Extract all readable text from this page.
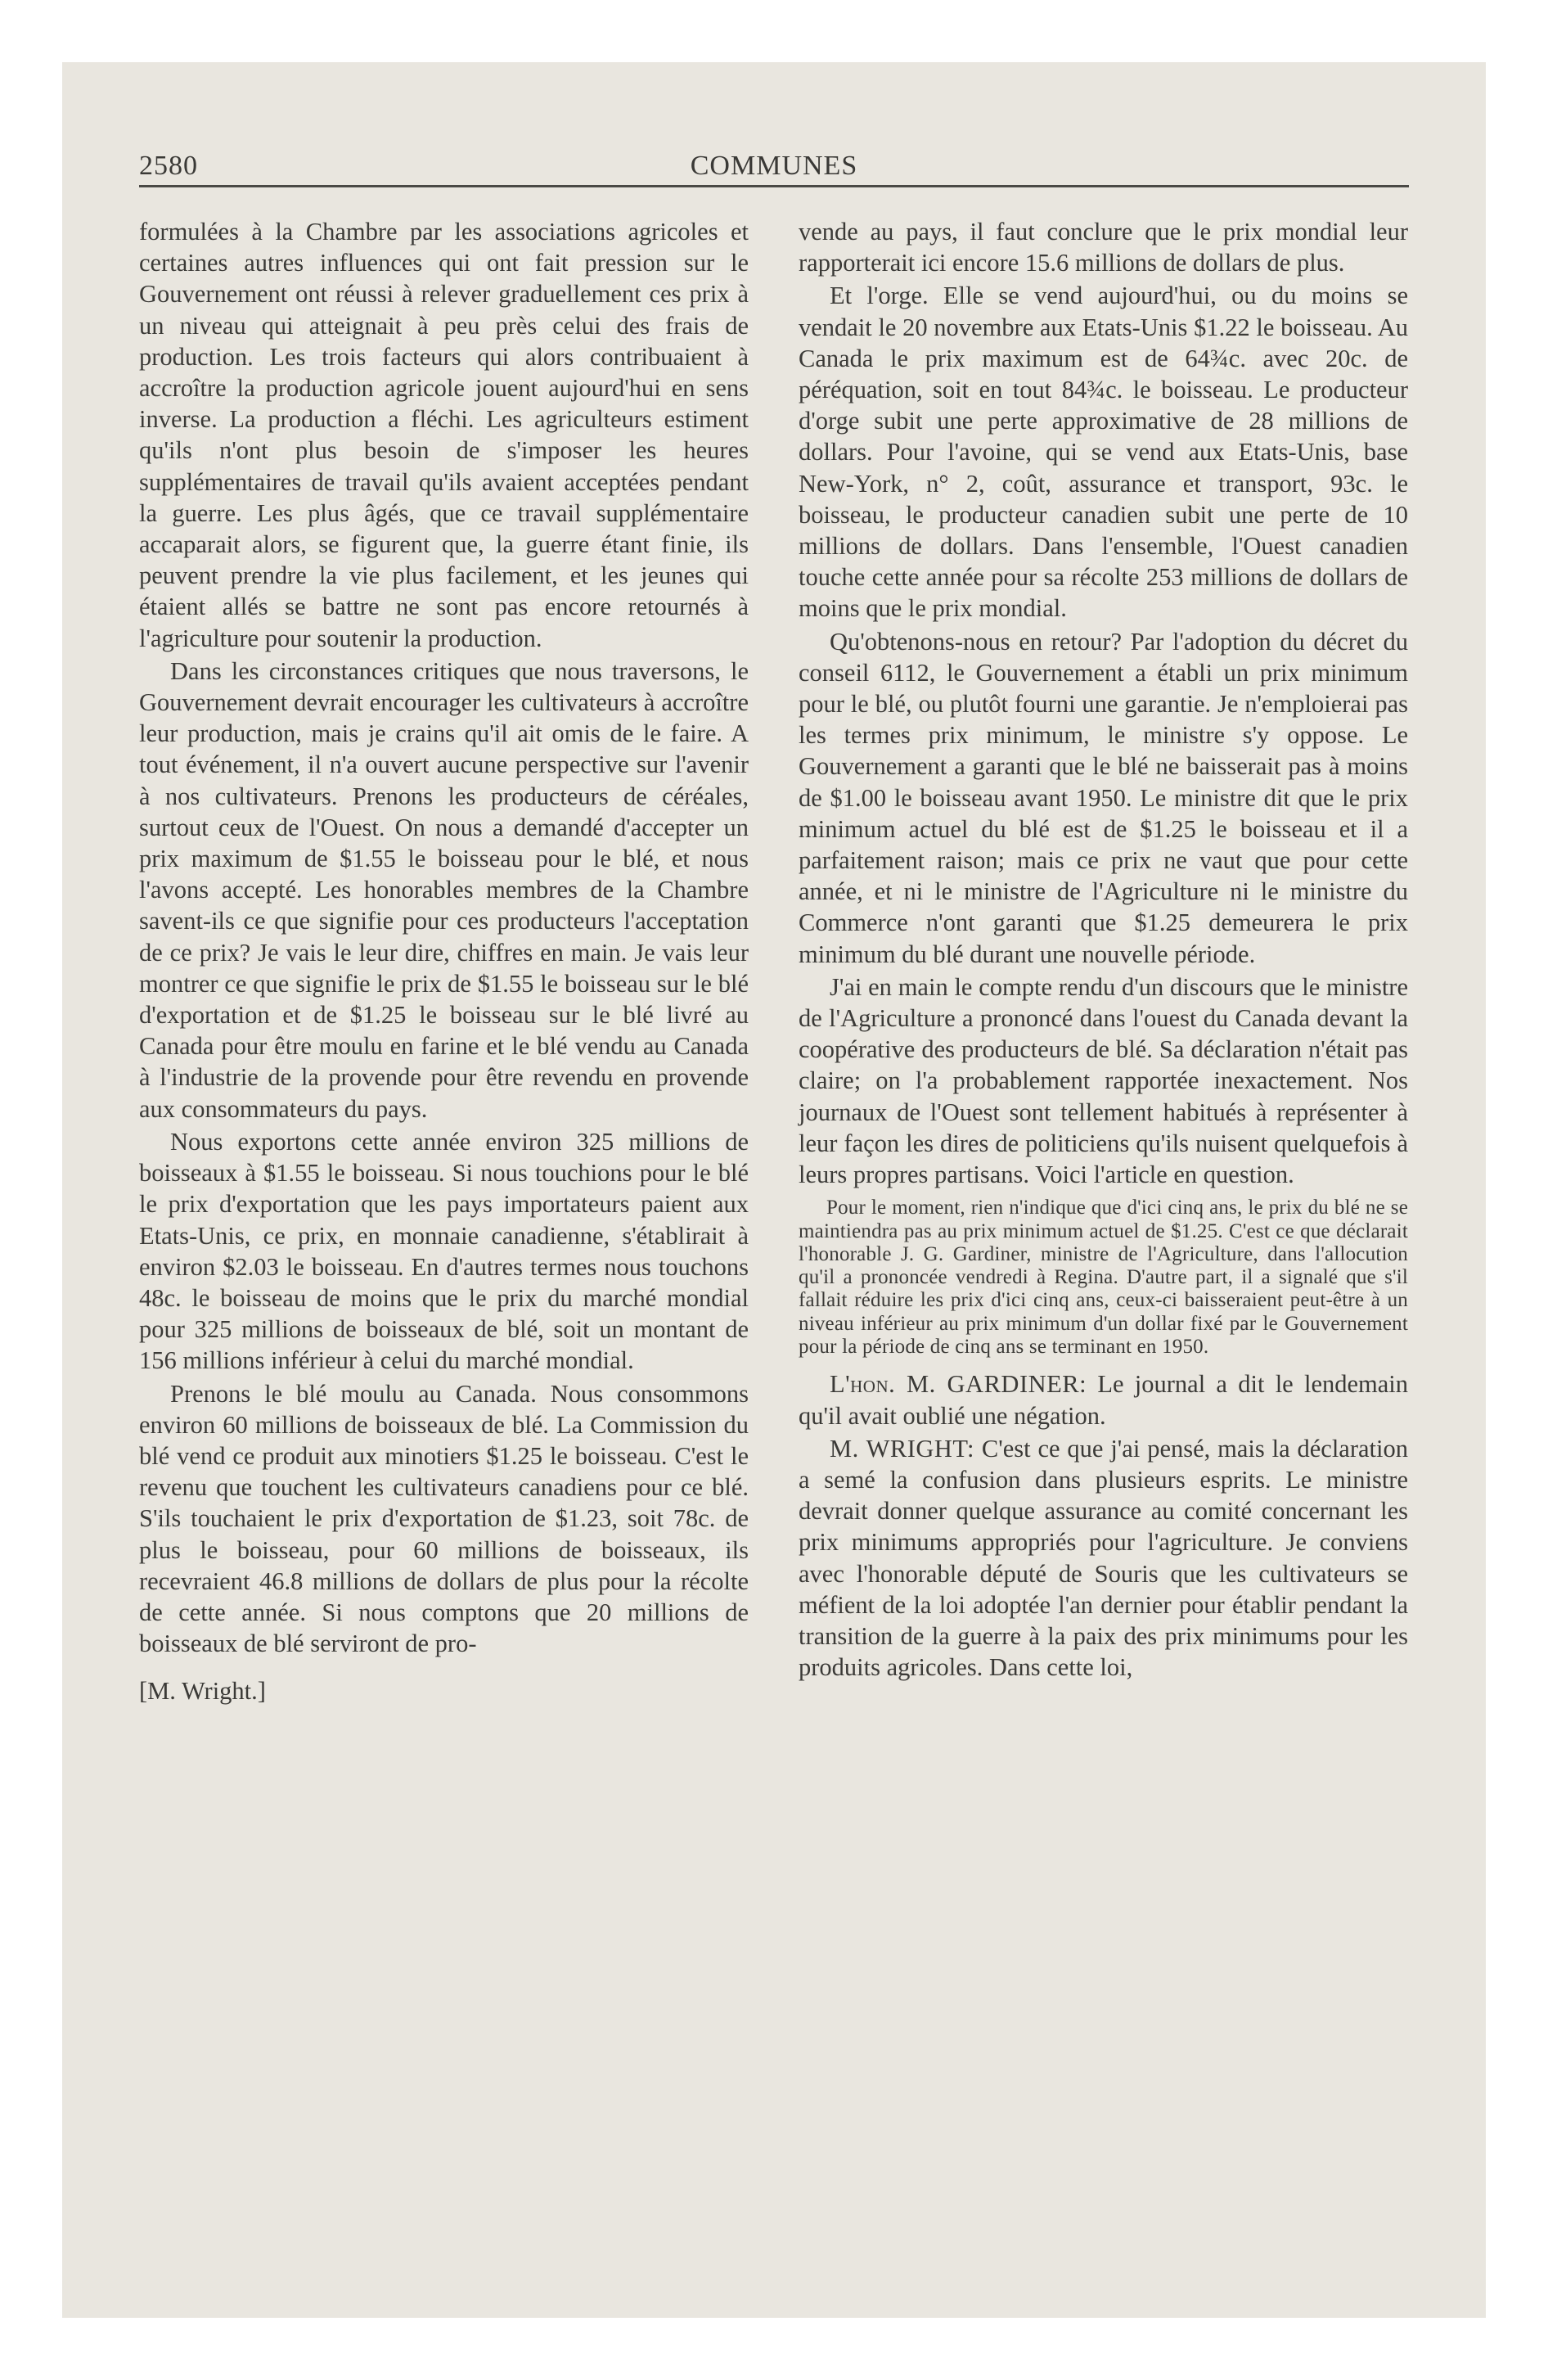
2580	COMMUNES

formulées à la Chambre par les associations agricoles et certaines autres influences qui ont fait pression sur le Gouvernement ont réussi à relever graduellement ces prix à un niveau qui atteignait à peu près celui des frais de production. Les trois facteurs qui alors contribuaient à accroître la production agricole jouent aujourd'hui en sens inverse. La production a fléchi. Les agriculteurs estiment qu'ils n'ont plus besoin de s'imposer les heures supplémentaires de travail qu'ils avaient acceptées pendant la guerre. Les plus âgés, que ce travail supplémentaire accaparait alors, se figurent que, la guerre étant finie, ils peuvent prendre la vie plus facilement, et les jeunes qui étaient allés se battre ne sont pas encore retournés à l'agriculture pour soutenir la production.

Dans les circonstances critiques que nous traversons, le Gouvernement devrait encourager les cultivateurs à accroître leur production, mais je crains qu'il ait omis de le faire. A tout événement, il n'a ouvert aucune perspective sur l'avenir à nos cultivateurs. Prenons les producteurs de céréales, surtout ceux de l'Ouest. On nous a demandé d'accepter un prix maximum de $1.55 le boisseau pour le blé, et nous l'avons accepté. Les honorables membres de la Chambre savent-ils ce que signifie pour ces producteurs l'acceptation de ce prix? Je vais le leur dire, chiffres en main. Je vais leur montrer ce que signifie le prix de $1.55 le boisseau sur le blé d'exportation et de $1.25 le boisseau sur le blé livré au Canada pour être moulu en farine et le blé vendu au Canada à l'industrie de la provende pour être revendu en provende aux consommateurs du pays.

Nous exportons cette année environ 325 millions de boisseaux à $1.55 le boisseau. Si nous touchions pour le blé le prix d'exportation que les pays importateurs paient aux Etats-Unis, ce prix, en monnaie canadienne, s'établirait à environ $2.03 le boisseau. En d'autres termes nous touchons 48c. le boisseau de moins que le prix du marché mondial pour 325 millions de boisseaux de blé, soit un montant de 156 millions inférieur à celui du marché mondial.

Prenons le blé moulu au Canada. Nous consommons environ 60 millions de boisseaux de blé. La Commission du blé vend ce produit aux minotiers $1.25 le boisseau. C'est le revenu que touchent les cultivateurs canadiens pour ce blé. S'ils touchaient le prix d'exportation de $1.23, soit 78c. de plus le boisseau, pour 60 millions de boisseaux, ils recevraient 46.8 millions de dollars de plus pour la récolte de cette année. Si nous comptons que 20 millions de boisseaux de blé serviront de pro-

[M. Wright.]

vende au pays, il faut conclure que le prix mondial leur rapporterait ici encore 15.6 millions de dollars de plus.

Et l'orge. Elle se vend aujourd'hui, ou du moins se vendait le 20 novembre aux Etats-Unis $1.22 le boisseau. Au Canada le prix maximum est de 64¾c. avec 20c. de péréquation, soit en tout 84¾c. le boisseau. Le producteur d'orge subit une perte approximative de 28 millions de dollars. Pour l'avoine, qui se vend aux Etats-Unis, base New-York, n° 2, coût, assurance et transport, 93c. le boisseau, le producteur canadien subit une perte de 10 millions de dollars. Dans l'ensemble, l'Ouest canadien touche cette année pour sa récolte 253 millions de dollars de moins que le prix mondial.

Qu'obtenons-nous en retour? Par l'adoption du décret du conseil 6112, le Gouvernement a établi un prix minimum pour le blé, ou plutôt fourni une garantie. Je n'emploierai pas les termes prix minimum, le ministre s'y oppose. Le Gouvernement a garanti que le blé ne baisserait pas à moins de $1.00 le boisseau avant 1950. Le ministre dit que le prix minimum actuel du blé est de $1.25 le boisseau et il a parfaitement raison; mais ce prix ne vaut que pour cette année, et ni le ministre de l'Agriculture ni le ministre du Commerce n'ont garanti que $1.25 demeurera le prix minimum du blé durant une nouvelle période.

J'ai en main le compte rendu d'un discours que le ministre de l'Agriculture a prononcé dans l'ouest du Canada devant la coopérative des producteurs de blé. Sa déclaration n'était pas claire; on l'a probablement rapportée inexactement. Nos journaux de l'Ouest sont tellement habitués à représenter à leur façon les dires de politiciens qu'ils nuisent quelquefois à leurs propres partisans. Voici l'article en question.

Pour le moment, rien n'indique que d'ici cinq ans, le prix du blé ne se maintiendra pas au prix minimum actuel de $1.25. C'est ce que déclarait l'honorable J. G. Gardiner, ministre de l'Agriculture, dans l'allocution qu'il a prononcée vendredi à Regina. D'autre part, il a signalé que s'il fallait réduire les prix d'ici cinq ans, ceux-ci baisseraient peut-être à un niveau inférieur au prix minimum d'un dollar fixé par le Gouvernement pour la période de cinq ans se terminant en 1950.

L'hon. M. GARDINER: Le journal a dit le lendemain qu'il avait oublié une négation.

M. WRIGHT: C'est ce que j'ai pensé, mais la déclaration a semé la confusion dans plusieurs esprits. Le ministre devrait donner quelque assurance au comité concernant les prix minimums appropriés pour l'agriculture. Je conviens avec l'honorable député de Souris que les cultivateurs se méfient de la loi adoptée l'an dernier pour établir pendant la transition de la guerre à la paix des prix minimums pour les produits agricoles. Dans cette loi,
